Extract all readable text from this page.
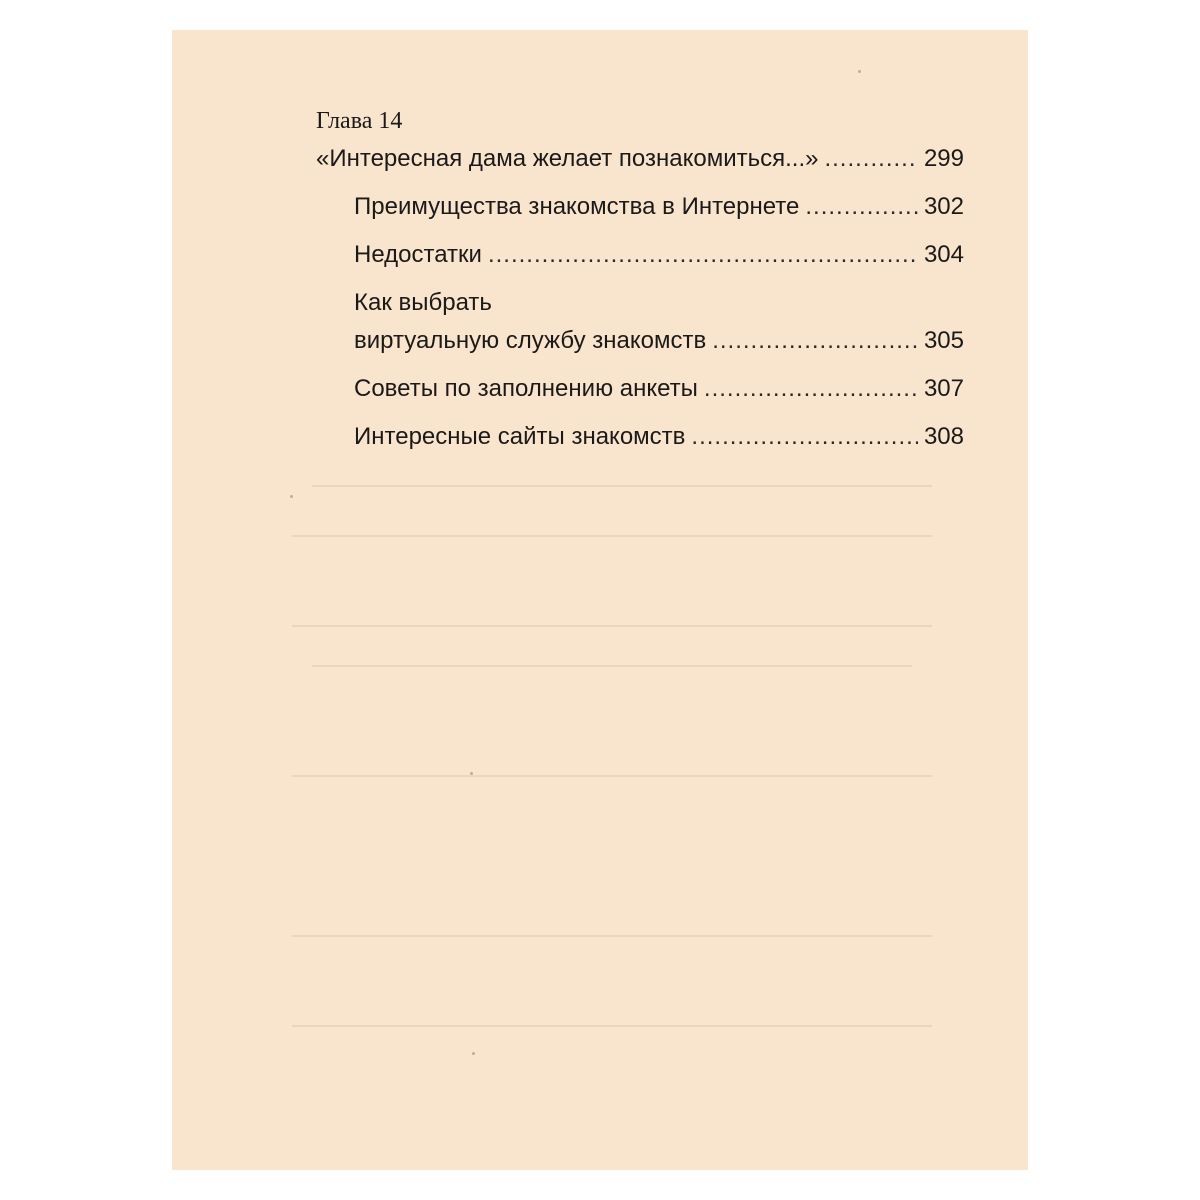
Глава 14
«Интересная дама желает познакомиться...» .....	299
Преимущества знакомства в Интернете .....	302
Недостатки .....	304
Как выбрать
виртуальную службу знакомств .....	305
Советы по заполнению анкеты .....	307
Интересные сайты знакомств .....	308
